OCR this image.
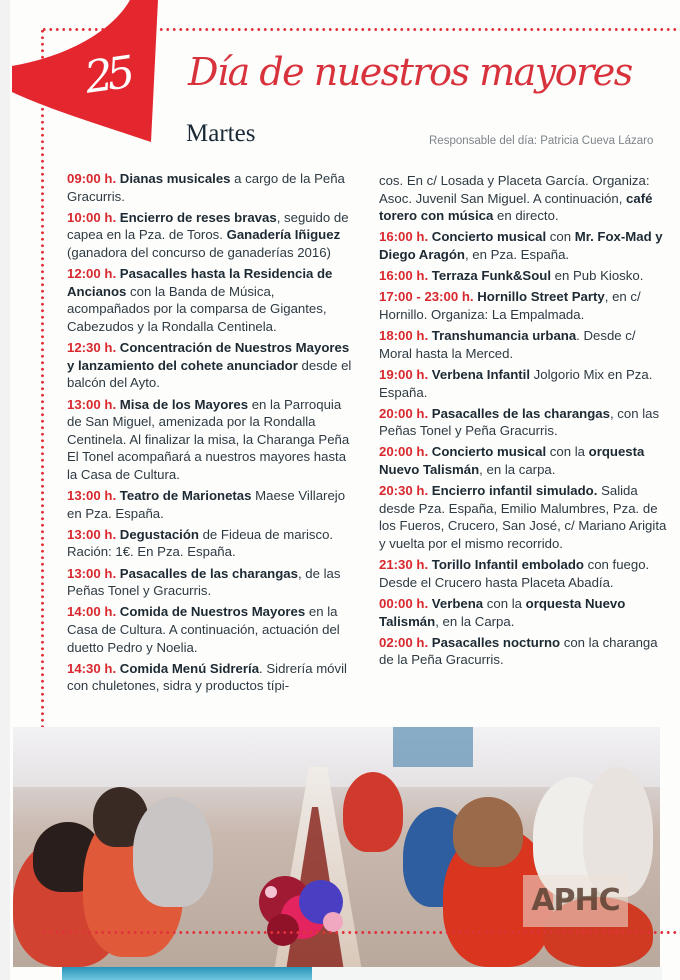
25	Día de nuestros mayores
Martes	Responsable del día: Patricia Cueva Lázaro
09:00 h. Dianas musicales a cargo de la Peña Gracurris.
10:00 h. Encierro de reses bravas, seguido de capea en la Pza. de Toros. Ganadería Iñiguez (ganadora del concurso de ganaderías 2016)
12:00 h. Pasacalles hasta la Residencia de Ancianos con la Banda de Música, acompañados por la comparsa de Gigantes, Cabezudos y la Rondalla Centinela.
12:30 h. Concentración de Nuestros Mayores y lanzamiento del cohete anunciador desde el balcón del Ayto.
13:00 h. Misa de los Mayores en la Parroquia de San Miguel, amenizada por la Rondalla Centinela. Al finalizar la misa, la Charanga Peña El Tonel acompañará a nuestros mayores hasta la Casa de Cultura.
13:00 h. Teatro de Marionetas Maese Villarejo en Pza. España.
13:00 h. Degustación de Fideua de marisco. Ración: 1€. En Pza. España.
13:00 h. Pasacalles de las charangas, de las Peñas Tonel y Gracurris.
14:00 h. Comida de Nuestros Mayores en la Casa de Cultura. A continuación, actuación del duetto Pedro y Noelia.
14:30 h. Comida Menú Sidrería. Sidrería móvil con chuletones, sidra y productos típi-
cos. En c/ Losada y Placeta García. Organiza: Asoc. Juvenil San Miguel. A continuación, café torero con música en directo.
16:00 h. Concierto musical con Mr. Fox-Mad y Diego Aragón, en Pza. España.
16:00 h. Terraza Funk&Soul en Pub Kiosko.
17:00 - 23:00 h. Hornillo Street Party, en c/ Hornillo. Organiza: La Empalmada.
18:00 h. Transhumancia urbana. Desde c/ Moral hasta la Merced.
19:00 h. Verbena Infantil Jolgorio Mix en Pza. España.
20:00 h. Pasacalles de las charangas, con las Peñas Tonel y Peña Gracurris.
20:00 h. Concierto musical con la orquesta Nuevo Talismán, en la carpa.
20:30 h. Encierro infantil simulado. Salida desde Pza. España, Emilio Malumbres, Pza. de los Fueros, Crucero, San José, c/ Mariano Arigita y vuelta por el mismo recorrido.
21:30 h. Torillo Infantil embolado con fuego. Desde el Crucero hasta Placeta Abadía.
00:00 h. Verbena con la orquesta Nuevo Talismán, en la Carpa.
02:00 h. Pasacalles nocturno con la charanga de la Peña Gracurris.
APHC
